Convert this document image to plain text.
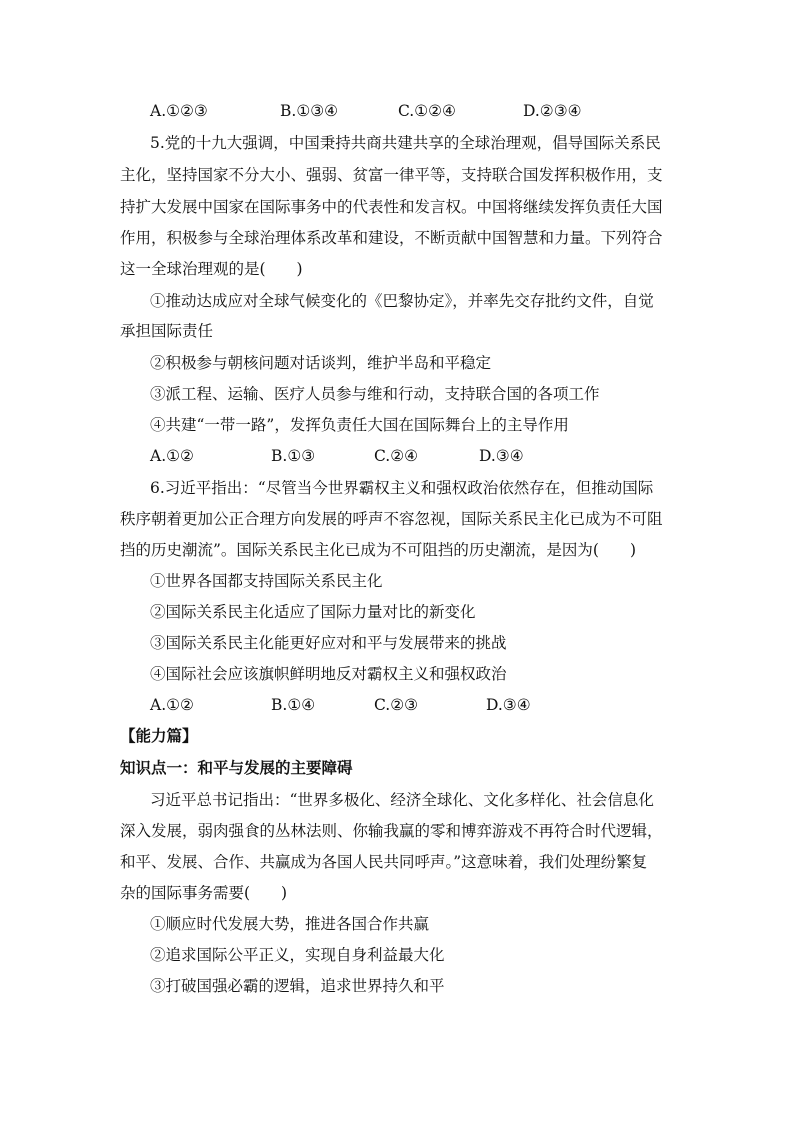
A.①②③	B.①③④	C.①②④	D.②③④
5.党的十九大强调，中国秉持共商共建共享的全球治理观，倡导国际关系民
主化，坚持国家不分大小、强弱、贫富一律平等，支持联合国发挥积极作用，支
持扩大发展中国家在国际事务中的代表性和发言权。中国将继续发挥负责任大国
作用，积极参与全球治理体系改革和建设，不断贡献中国智慧和力量。下列符合
这一全球治理观的是(　　)
①推动达成应对全球气候变化的《巴黎协定》，并率先交存批约文件，自觉
承担国际责任
②积极参与朝核问题对话谈判，维护半岛和平稳定
③派工程、运输、医疗人员参与维和行动，支持联合国的各项工作
④共建“一带一路”，发挥负责任大国在国际舞台上的主导作用
A.①②	B.①③	C.②④	D.③④
6.习近平指出：“尽管当今世界霸权主义和强权政治依然存在，但推动国际
秩序朝着更加公正合理方向发展的呼声不容忽视，国际关系民主化已成为不可阻
挡的历史潮流”。国际关系民主化已成为不可阻挡的历史潮流，是因为(　　)
①世界各国都支持国际关系民主化
②国际关系民主化适应了国际力量对比的新变化
③国际关系民主化能更好应对和平与发展带来的挑战
④国际社会应该旗帜鲜明地反对霸权主义和强权政治
A.①②	B.①④	C.②③	D.③④
【能力篇】
知识点一：和平与发展的主要障碍
习近平总书记指出：“世界多极化、经济全球化、文化多样化、社会信息化
深入发展，弱肉强食的丛林法则、你输我赢的零和博弈游戏不再符合时代逻辑，
和平、发展、合作、共赢成为各国人民共同呼声。”这意味着，我们处理纷繁复
杂的国际事务需要(　　)
①顺应时代发展大势，推进各国合作共赢
②追求国际公平正义，实现自身利益最大化
③打破国强必霸的逻辑，追求世界持久和平
